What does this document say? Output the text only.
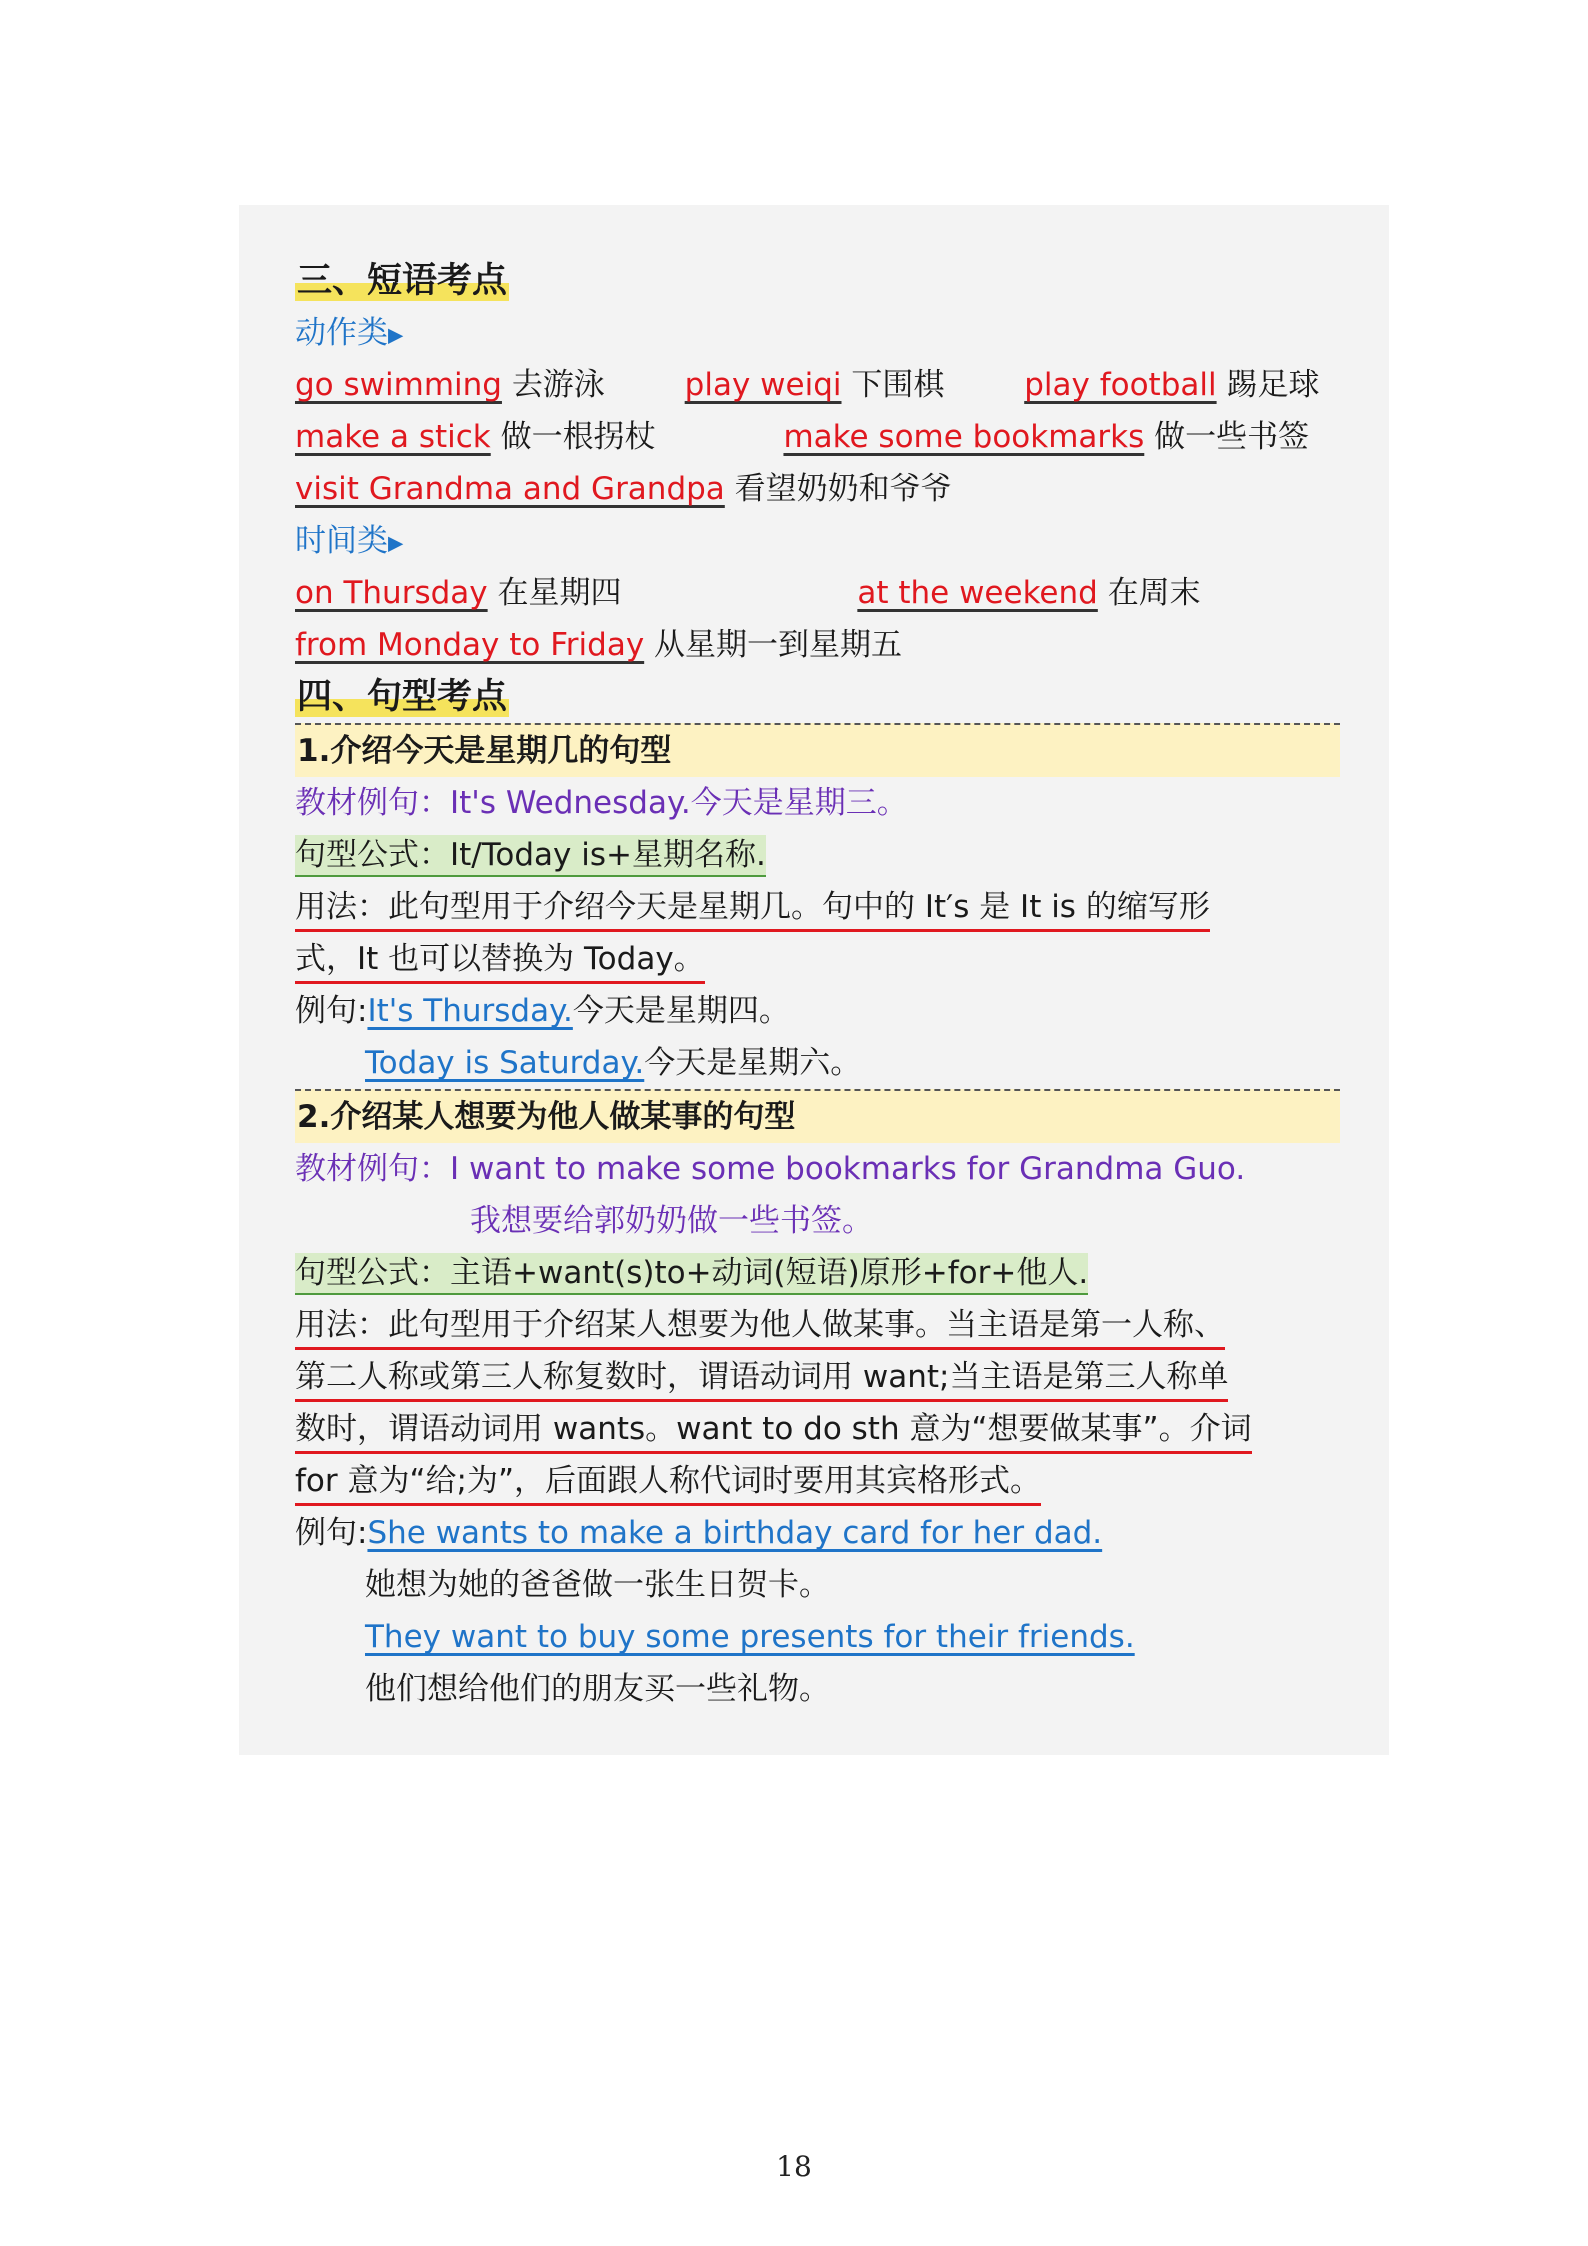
三、短语考点
动作类▶
go swimming 去游泳	play weiqi 下围棋	play football 踢足球
make a stick 做一根拐杖	make some bookmarks 做一些书签
visit Grandma and Grandpa 看望奶奶和爷爷
时间类▶
on Thursday 在星期四	at the weekend 在周末
from Monday to Friday 从星期一到星期五
四、句型考点
1.介绍今天是星期几的句型
教材例句：It's Wednesday.今天是星期三。
句型公式：It/Today is+星期名称.
用法：此句型用于介绍今天是星期几。句中的 It′s 是 It is 的缩写形
式，It 也可以替换为 Today。
例句:It's Thursday.今天是星期四。
Today is Saturday.今天是星期六。
2.介绍某人想要为他人做某事的句型
教材例句：I want to make some bookmarks for Grandma Guo.
我想要给郭奶奶做一些书签。
句型公式：主语+want(s)to+动词(短语)原形+for+他人.
用法：此句型用于介绍某人想要为他人做某事。当主语是第一人称、
第二人称或第三人称复数时，谓语动词用 want;当主语是第三人称单
数时，谓语动词用 wants。want to do sth 意为“想要做某事”。介词
for 意为“给;为”，后面跟人称代词时要用其宾格形式。
例句:She wants to make a birthday card for her dad.
她想为她的爸爸做一张生日贺卡。
They want to buy some presents for their friends.
他们想给他们的朋友买一些礼物。
18
